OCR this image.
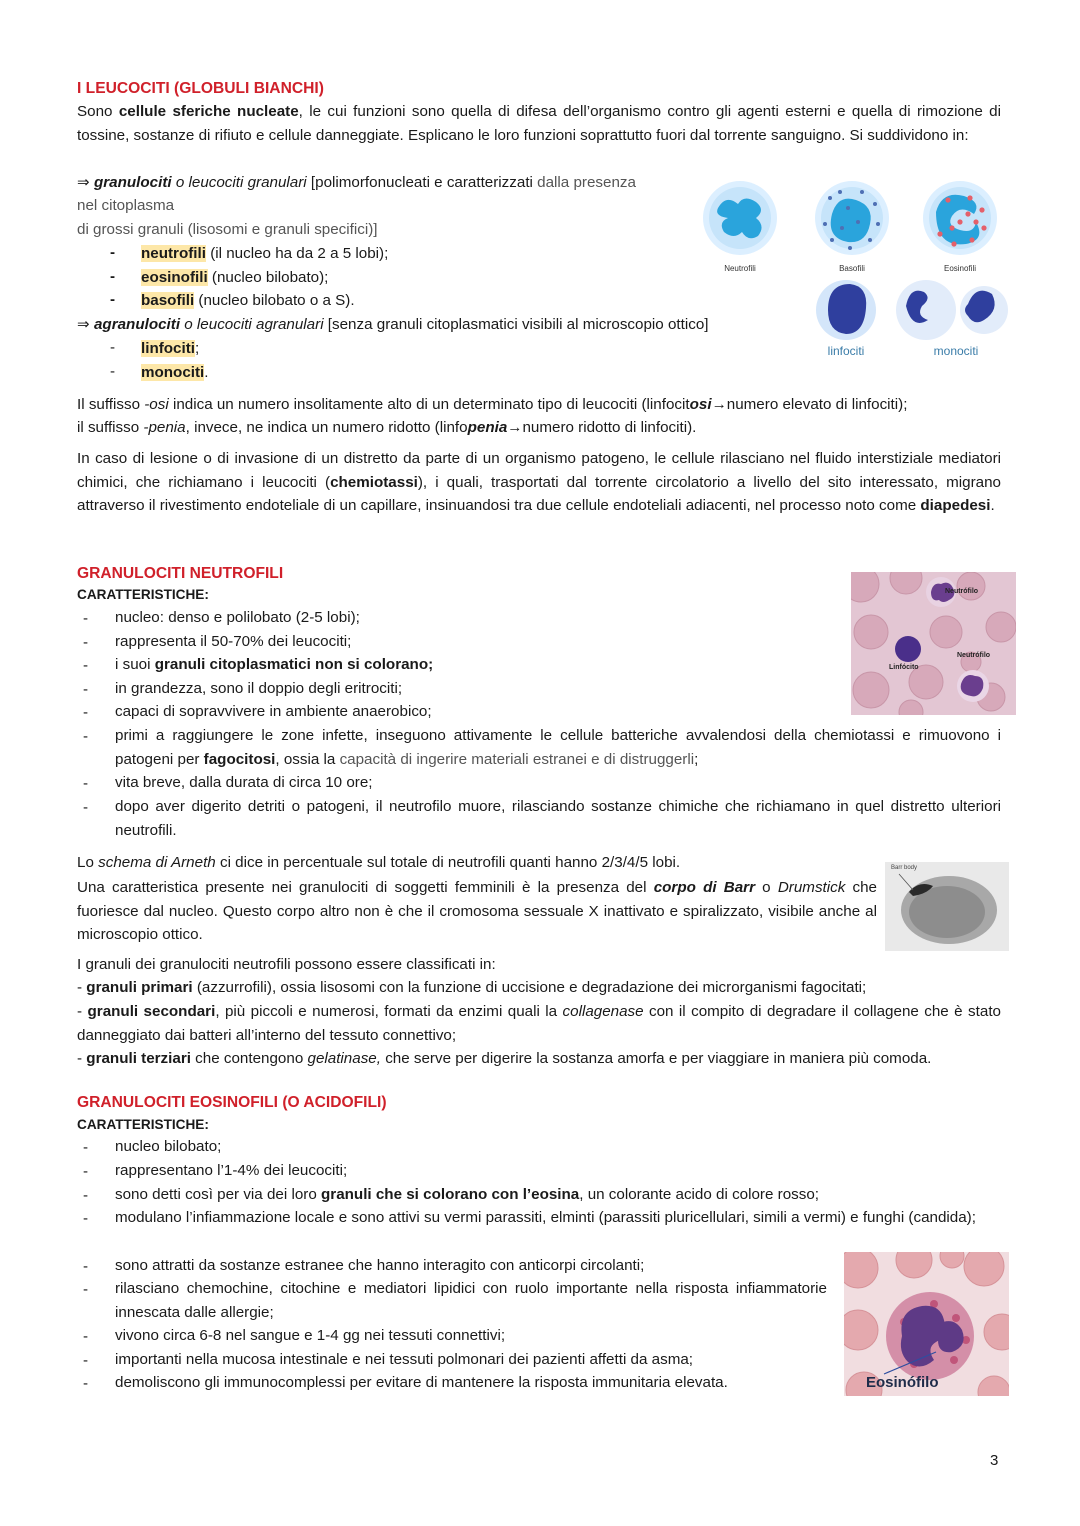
I LEUCOCITI (GLOBULI BIANCHI)
Sono cellule sferiche nucleate, le cui funzioni sono quella di difesa dell’organismo contro gli agenti esterni e quella di rimozione di tossine, sostanze di rifiuto e cellule danneggiate. Esplicano le loro funzioni soprattutto fuori dal torrente sanguigno. Si suddividono in:
⇒ granulociti o leucociti granulari [polimorfonucleati e caratterizzati dalla presenza
nel citoplasma
di grossi granuli (lisosomi e granuli specifici)]
- neutrofili (il nucleo ha da 2 a 5 lobi);
- eosinofili (nucleo bilobato);
- basofili (nucleo bilobato o a S).
⇒ agranulociti o leucociti agranulari [senza granuli citoplasmatici visibili al microscopio ottico]
- linfociti;
- monociti.
Neutrofili	Basofili	Eosinofili
linfociti	monociti
Il suffisso -osi indica un numero insolitamente alto di un determinato tipo di leucociti (linfocitosi→numero elevato di linfociti);
il suffisso -penia, invece, ne indica un numero ridotto (linfopenia→numero ridotto di linfociti).
In caso di lesione o di invasione di un distretto da parte di un organismo patogeno, le cellule rilasciano nel fluido interstiziale mediatori chimici, che richiamano i leucociti (chemiotassi), i quali, trasportati dal torrente circolatorio a livello del sito interessato, migrano attraverso il rivestimento endoteliale di un capillare, insinuandosi tra due cellule endoteliali adiacenti, nel processo noto come diapedesi.
GRANULOCITI NEUTROFILI
CARATTERISTICHE:
- nucleo: denso e polilobato (2-5 lobi);
- rappresenta il 50-70% dei leucociti;
- i suoi granuli citoplasmatici non si colorano;
- in grandezza, sono il doppio degli eritrociti;
- capaci di sopravvivere in ambiente anaerobico;
- primi a raggiungere le zone infette, inseguono attivamente le cellule batteriche avvalendosi della chemiotassi e rimuovono i patogeni per fagocitosi, ossia la capacità di ingerire materiali estranei e di distruggerli;
- vita breve, dalla durata di circa 10 ore;
- dopo aver digerito detriti o patogeni, il neutrofilo muore, rilasciando sostanze chimiche che richiamano in quel distretto ulteriori neutrofili.
Neutrófilo
Linfócito
Neutrófilo
Lo schema di Arneth ci dice in percentuale sul totale di neutrofili quanti hanno 2/3/4/5 lobi.
Una caratteristica presente nei granulociti di soggetti femminili è la presenza del corpo di Barr o Drumstick che fuoriesce dal nucleo. Questo corpo altro non è che il cromosoma sessuale X inattivato e spiralizzato, visibile anche al microscopio ottico.
Barr body
I granuli dei granulociti neutrofili possono essere classificati in:
- granuli primari (azzurrofili), ossia lisosomi con la funzione di uccisione e degradazione dei microrganismi fagocitati;
- granuli secondari, più piccoli e numerosi, formati da enzimi quali la collagenase con il compito di degradare il collagene che è stato danneggiato dai batteri all’interno del tessuto connettivo;
- granuli terziari che contengono gelatinase, che serve per digerire la sostanza amorfa e per viaggiare in maniera più comoda.
GRANULOCITI EOSINOFILI (O ACIDOFILI)
CARATTERISTICHE:
- nucleo bilobato;
- rappresentano l’1-4% dei leucociti;
- sono detti così per via dei loro granuli che si colorano con l’eosina, un colorante acido di colore rosso;
- modulano l’infiammazione locale e sono attivi su vermi parassiti, elminti (parassiti pluricellulari, simili a vermi) e funghi (candida);
- sono attratti da sostanze estranee che hanno interagito con anticorpi circolanti;
- rilasciano chemochine, citochine e mediatori lipidici con ruolo importante nella risposta infiammatorie innescata dalle allergie;
- vivono circa 6-8 nel sangue e 1-4 gg nei tessuti connettivi;
- importanti nella mucosa intestinale e nei tessuti polmonari dei pazienti affetti da asma;
- demoliscono gli immunocomplessi per evitare di mantenere la risposta immunitaria elevata.	Eosinófilo
3
